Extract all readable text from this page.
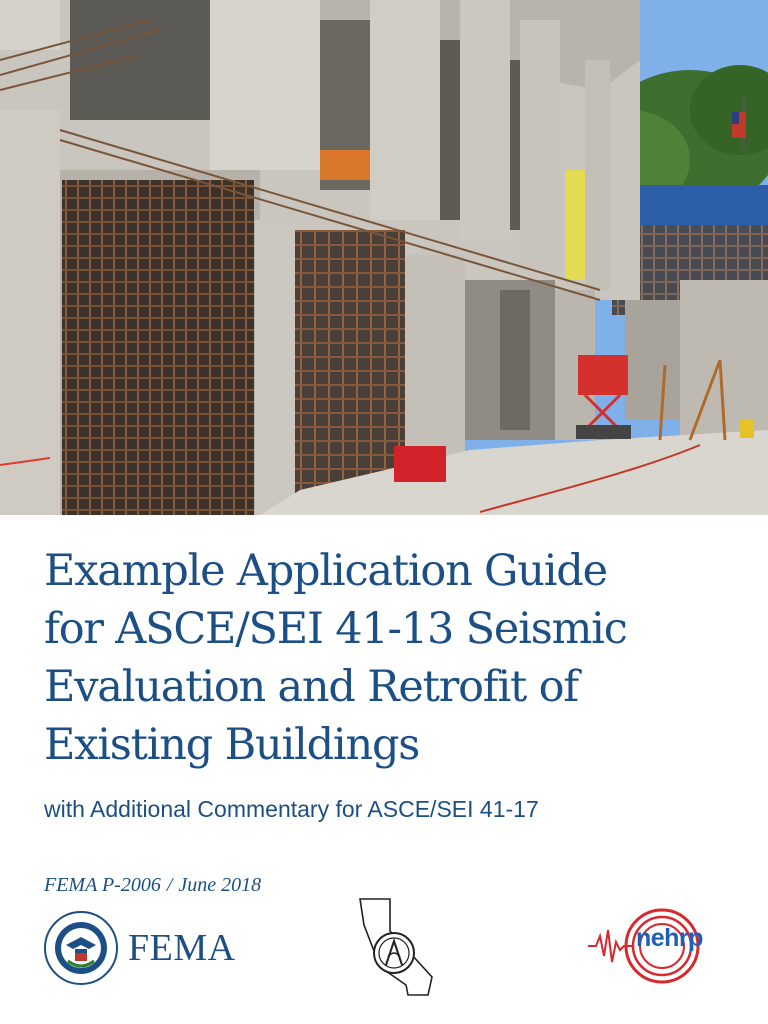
Example Application Guide
for ASCE/SEI 41-13 Seismic
Evaluation and Retrofit of
Existing Buildings
with Additional Commentary for ASCE/SEI 41-17
FEMA P-2006 / June 2018
FEMA	nehrp
